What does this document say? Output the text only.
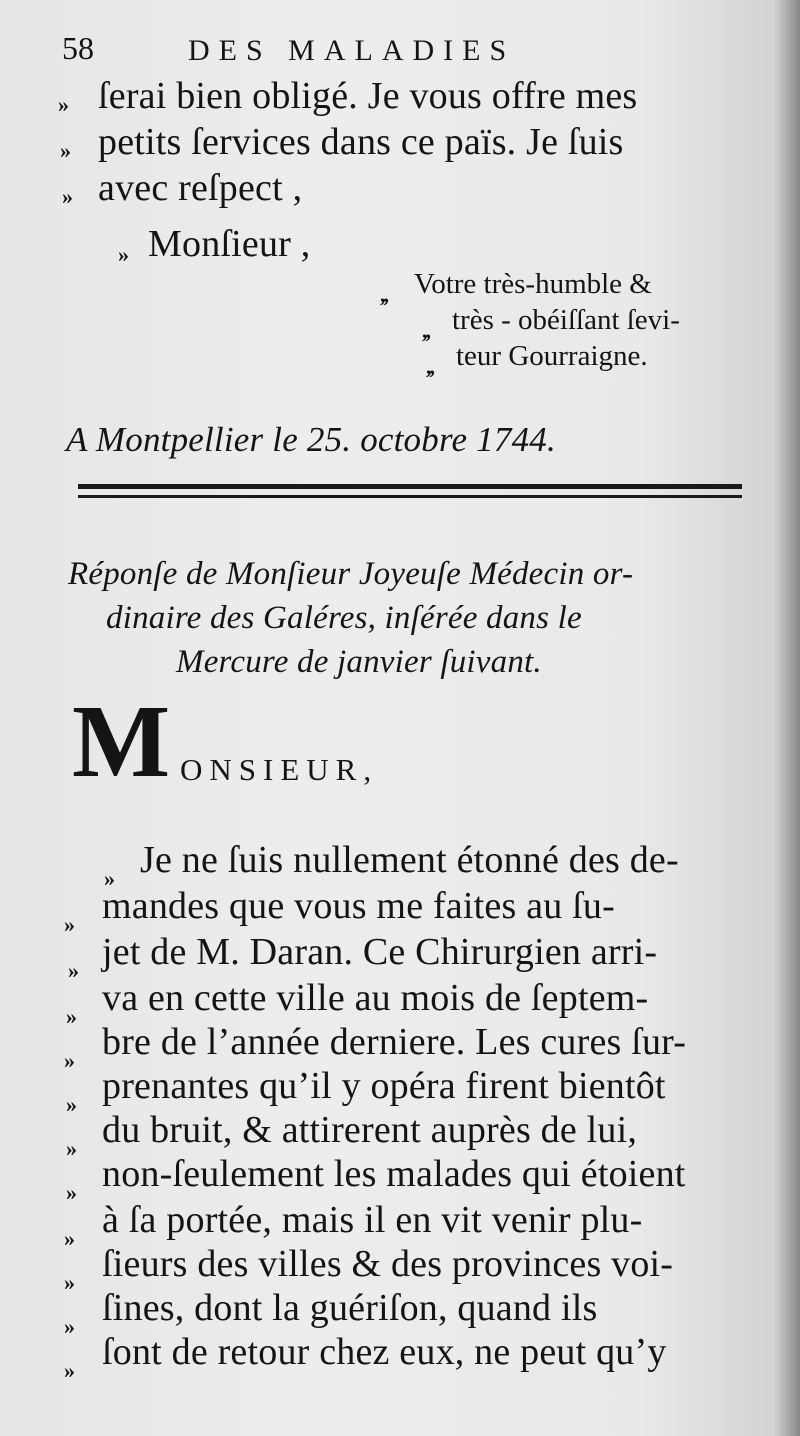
58	DES MALADIES
» ſerai bien obligé. Je vous offre mes
» petits ſervices dans ce païs. Je ſuis
» avec reſpect ,
» Monſieur ,
,, Votre très-humble &
,, très - obéiſſant ſevi-
,, teur Gourraigne.
A Montpellier le 25. octobre 1744.
Réponſe de Monſieur Joyeuſe Médecin or-
dinaire des Galéres, inſérée dans le
Mercure de janvier ſuivant.
M ONSIEUR,
» Je ne ſuis nullement étonné des de-
» mandes que vous me faites au ſu-
» jet de M. Daran. Ce Chirurgien arri-
» va en cette ville au mois de ſeptem-
» bre de l’année derniere. Les cures ſur-
» prenantes qu’il y opéra firent bientôt
» du bruit, & attirerent auprès de lui,
» non-ſeulement les malades qui étoient
» à ſa portée, mais il en vit venir plu-
» ſieurs des villes & des provinces voi-
» ſines, dont la guériſon, quand ils
» ſont de retour chez eux, ne peut qu’y
